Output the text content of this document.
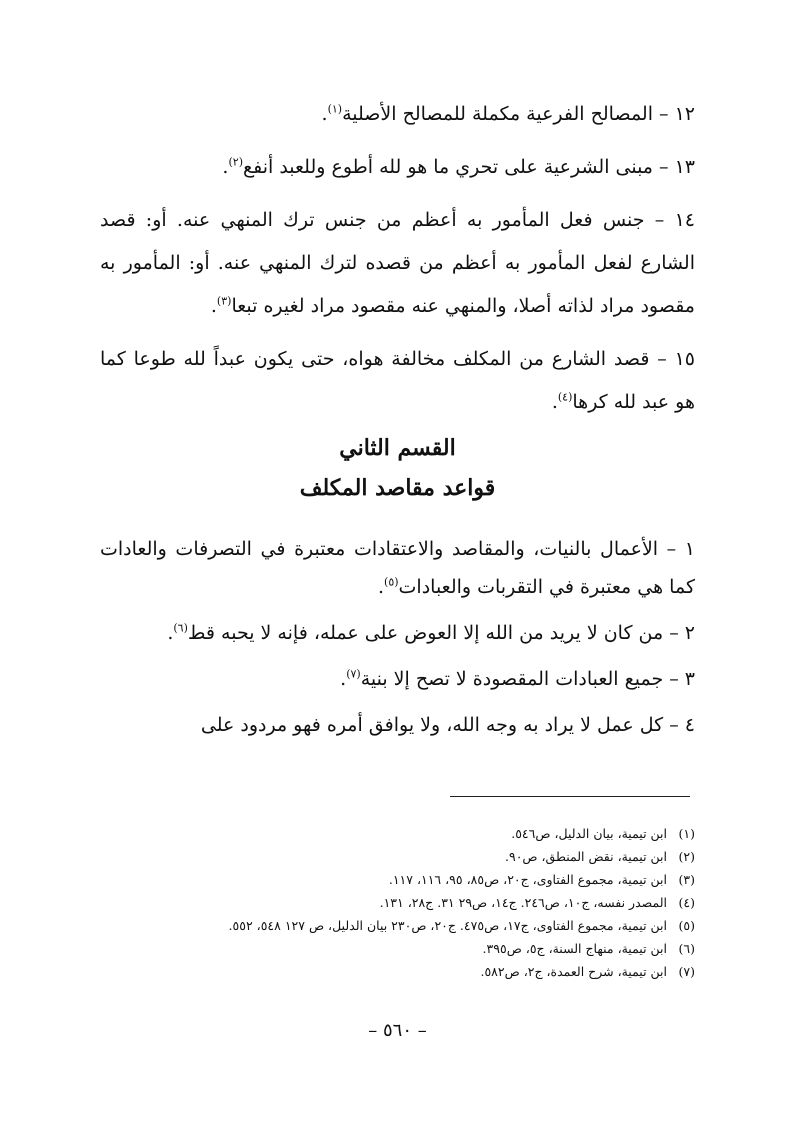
١٢ – المصالح الفرعية مكملة للمصالح الأصلية$^{(١)}$.

١٣ – مبنى الشرعية على تحري ما هو لله أطوع وللعبد أنفع$^{(٢)}$.

١٤ – جنس فعل المأمور به أعظم من جنس ترك المنهي عنه. أو: قصد الشارع لفعل المأمور به أعظم من قصده لترك المنهي عنه. أو: المأمور به مقصود مراد لذاته أصلا، والمنهي عنه مقصود مراد لغيره تبعا$^{(٣)}$.

١٥ – قصد الشارع من المكلف مخالفة هواه، حتى يكون عبداً لله طوعا كما هو عبد لله كرها$^{(٤)}$.

القسم الثاني

قواعد مقاصد المكلف

١ – الأعمال بالنيات، والمقاصد والاعتقادات معتبرة في التصرفات والعادات كما هي معتبرة في التقربات والعبادات$^{(٥)}$.

٢ – من كان لا يريد من الله إلا العوض على عمله، فإنه لا يحبه قط$^{(٦)}$.

٣ – جميع العبادات المقصودة لا تصح إلا بنية$^{(٧)}$.

٤ – كل عمل لا يراد به وجه الله، ولا يوافق أمره فهو مردود على

(١)
ابن تيمية، بيان الدليل، ص٥٤٦.
(٢)
ابن تيمية، نقض المنطق، ص٩٠.
(٣)
ابن تيمية، مجموع الفتاوى، ج٢٠، ص٨٥، ٩٥، ١١٦، ١١٧.
(٤)
المصدر نفسه، ج١٠، ص٢٤٦. ج١٤، ص٢٩ ٣١. ج٢٨، ١٣١.
(٥)
ابن تيمية، مجموع الفتاوى، ج١٧، ص٤٧٥. ج٢٠، ص٢٣٠ بيان الدليل، ص ١٢٧ ٥٤٨، ٥٥٢.
(٦)
ابن تيمية، منهاج السنة، ج٥، ص٣٩٥.
(٧)
ابن تيمية، شرح العمدة، ج٢، ص٥٨٢.
– ٥٦٠ –
